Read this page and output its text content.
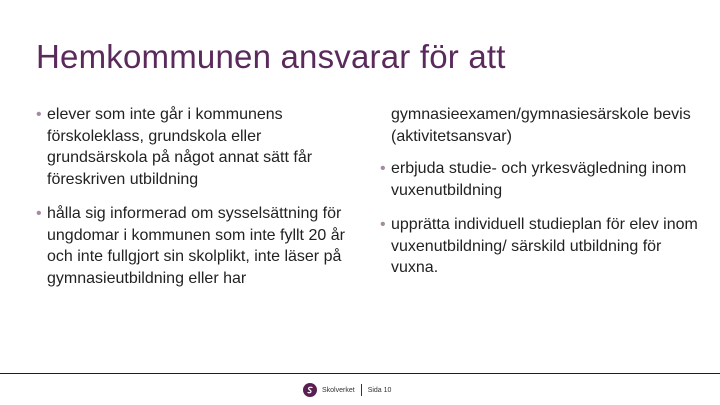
Hemkommunen ansvarar för att
• elever som inte går i kommunens förskoleklass, grundskola eller grundsärskola på något annat sätt får föreskriven utbildning
• hålla sig informerad om sysselsättning för ungdomar i kommunen som inte fyllt 20 år och inte fullgjort sin skolplikt, inte läser på gymnasieutbildning eller har
gymnasieexamen/gymnasiesärskole bevis (aktivitetsansvar)
• erbjuda studie- och yrkesvägledning inom vuxenutbildning
• upprätta individuell studieplan för elev inom vuxenutbildning/ särskild utbildning för vuxna.
Skolverket Sida 10
